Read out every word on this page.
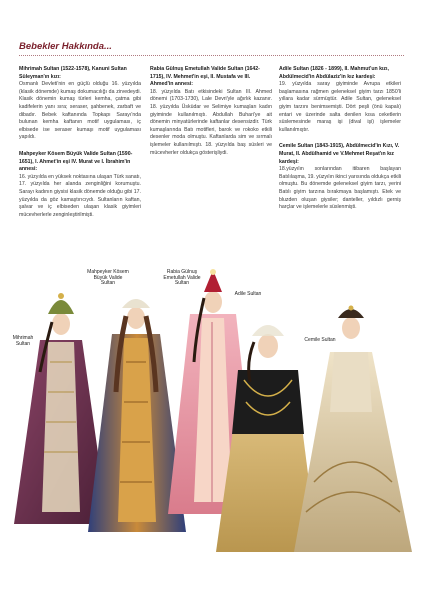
Bebekler Hakkında...

Mihrimah Sultan (1522-1578), Kanuni Sultan Süleyman'ın kızı:

Osmanlı Devleti'nin en güçlü olduğu 16. yüzyılda (klasik dönemde) kumaş dokumacılığı da zirvedeydi. Klasik dönemin kumaş türleri kemha, çatma gibi kadifelerin yanı sıra; seraser, şahbenek, zarbaft ve dibadır. Bebek kaftanında Topkapı Sarayı'nda bulunan kemha kaftanın motif uygulaması, iç elbisede ise seraser kumaşı motif uygulaması yapıldı.

Mahpeyker Kösem Büyük Valide Sultan (1590-1651), I. Ahmet'in eşi IV. Murat ve I. İbrahim'in annesi:

16. yüzyılda en yüksek noktasına ulaşan Türk sanatı, 17. yüzyılda her alanda zenginliğini korumuştu. Sarayı kadının giysisi klasik dönemde olduğu gibi 17. yüzyılda da göz kamaştırıcıydı. Sultanların kaftan, şalvar ve iç elbiseden ulaşan klasik giyimleri mücevherlerle zenginleştirilmişti.

Rabia Gülnuş Emetullah Valide Sultan (1642-1715), IV. Mehmet'in eşi, II. Mustafa ve III. Ahmed'in annesi:

18. yüzyılda Batı etkisindeki Sultan III. Ahmed dönemi (1703-1730), Lale Devri'yle ağırlık kazanır. 18. yüzyılda Üsküdar ve Selimiye kumaşları kadın giyiminde kullanılmıştı. Abdullah Buhari'ye ait dönemin minyatürlerinde kaftanlar desensizdir. Türk kumaşlarında Batı motifleri, barok ve rokoko etkili desenler moda olmuştu. Kaftanlarda sim ve sırmalı işlemeler kullanılmıştı. 18. yüzyılda baş süsleri ve mücevherler oldukça gösterişliydi.

Adile Sultan (1826 - 1899), II. Mahmut'un kızı, Abdülmecid'in Abdülaziz'in kız kardeşi:

19. yüzyılda saray giyiminde Avrupa etkileri başlamasına rağmen geleneksel giyim tarzı 1850'li yıllara kadar sürmüştür. Adile Sultan, geleneksel giyim tarzını benimsemişti. Dört peşli (önü kapalı) entari ve üzerinde salta denilen kısa ceketlerin süslemesinde maraş işi (dival işi) işlemeler kullanılmıştır.

Cemile Sultan (1843-1915), Abdülmecid'in Kızı, V. Murat, II. Abdülhamid ve V.Mehmet Reşat'ın kız kardeşi:

18.yüzyılın sonlarından itibaren başlayan Batılılaşma, 19. yüzyılın ikinci yarısında oldukça etkili olmuştu. Bu dönemde geleneksel giyim tarzı, yerini Batılı giyim tarzına bırakmaya başlamıştı. Etek ve bluzden oluşan giysiler; danteller, yıldızlı gerniş harçlar ve işlemelerle süslenmişti.

Mihrimah Sultan
Mahpeyker Kösem Büyük Valide Sultan
Rabia Gülnuş Emetullah Valide Sultan
Adile Sultan
Cemile Sultan
